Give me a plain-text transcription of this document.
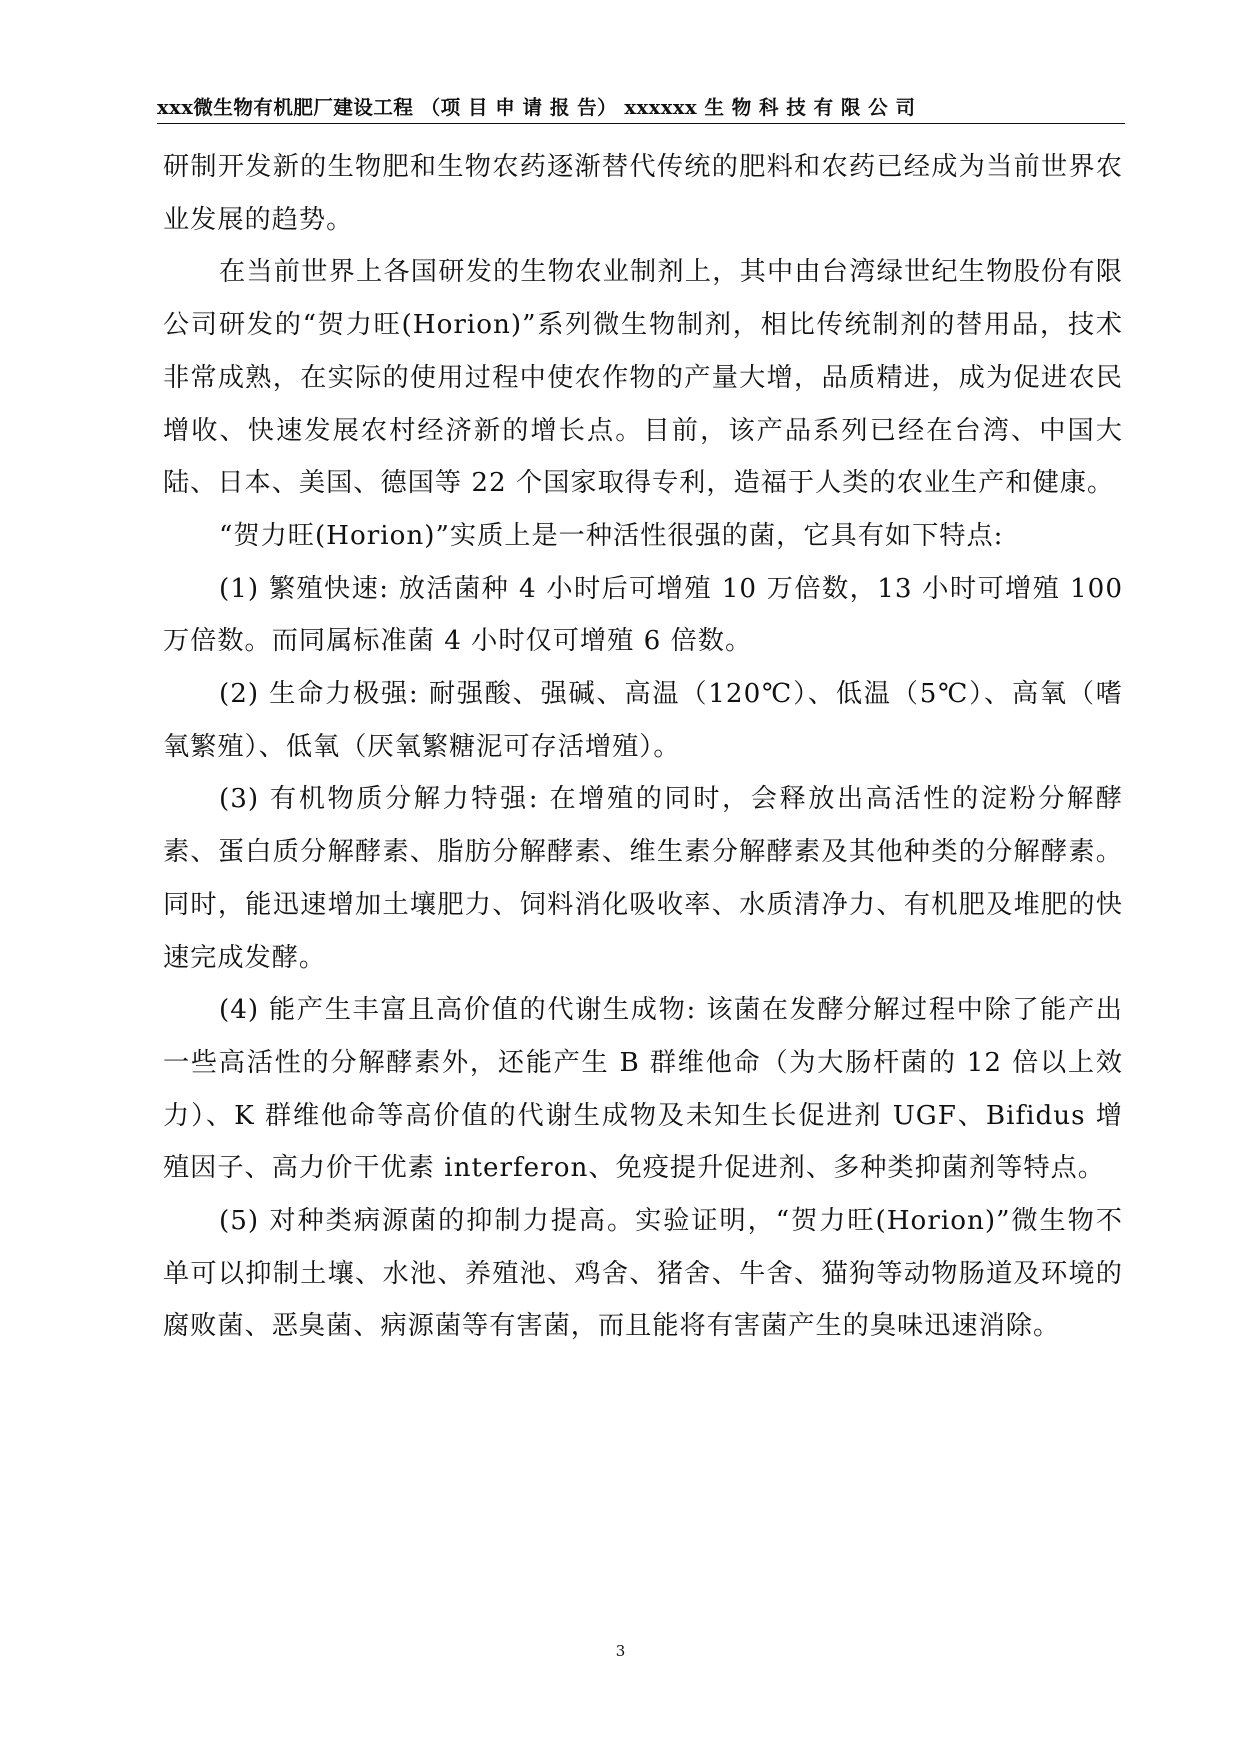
xxx微生物有机肥厂建设工程 （项 目 申 请 报 告） xxxxxx 生 物 科 技 有 限 公 司

研制开发新的生物肥和生物农药逐渐替代传统的肥料和农药已经成为当前世界农业发展的趋势。

在当前世界上各国研发的生物农业制剂上，其中由台湾绿世纪生物股份有限公司研发的“贺力旺(Horion)”系列微生物制剂，相比传统制剂的替用品，技术非常成熟，在实际的使用过程中使农作物的产量大增，品质精进，成为促进农民增收、快速发展农村经济新的增长点。目前，该产品系列已经在台湾、中国大陆、日本、美国、德国等 22 个国家取得专利，造福于人类的农业生产和健康。

“贺力旺(Horion)”实质上是一种活性很强的菌，它具有如下特点:

(1) 繁殖快速: 放活菌种 4 小时后可增殖 10 万倍数，13 小时可增殖 100 万倍数。而同属标准菌 4 小时仅可增殖 6 倍数。

(2) 生命力极强: 耐强酸、强碱、高温（120℃）、低温（5℃）、高氧（嗜氧繁殖）、低氧（厌氧繁糖泥可存活增殖）。

(3) 有机物质分解力特强: 在增殖的同时，会释放出高活性的淀粉分解酵素、蛋白质分解酵素、脂肪分解酵素、维生素分解酵素及其他种类的分解酵素。同时，能迅速增加土壤肥力、饲料消化吸收率、水质清净力、有机肥及堆肥的快速完成发酵。

(4) 能产生丰富且高价值的代谢生成物: 该菌在发酵分解过程中除了能产出一些高活性的分解酵素外，还能产生 B 群维他命（为大肠杆菌的 12 倍以上效力）、K 群维他命等高价值的代谢生成物及未知生长促进剂 UGF、Bifidus 增殖因子、高力价干优素 interferon、免疫提升促进剂、多种类抑菌剂等特点。

(5) 对种类病源菌的抑制力提高。实验证明，“贺力旺(Horion)”微生物不单可以抑制土壤、水池、养殖池、鸡舍、猪舍、牛舍、猫狗等动物肠道及环境的腐败菌、恶臭菌、病源菌等有害菌，而且能将有害菌产生的臭味迅速消除。

3
